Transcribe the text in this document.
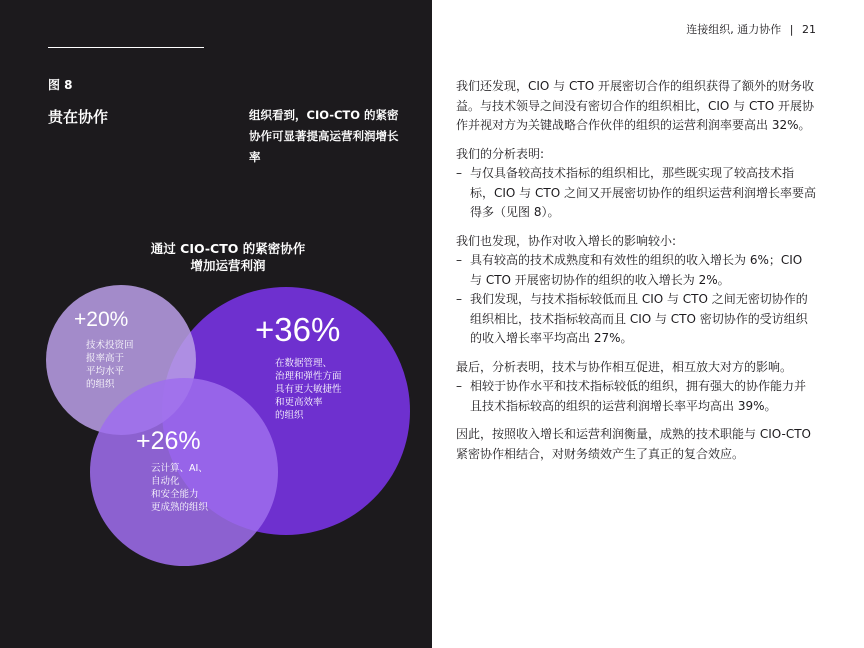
图 8
贵在协作	组织看到，CIO-CTO 的紧密协作可显著提高运营利润增长率
通过 CIO-CTO 的紧密协作
增加运营利润
+36%
在数据管理、
治理和弹性方面
具有更大敏捷性
和更高效率
的组织
+20%
技术投资回
报率高于
平均水平
的组织
+26%
云计算、AI、
自动化
和安全能力
更成熟的组织
连接组织, 通力协作 | 21

我们还发现，CIO 与 CTO 开展密切合作的组织获得了额外的财务收益。与技术领导之间没有密切合作的组织相比，CIO 与 CTO 开展协作并视对方为关键战略合作伙伴的组织的运营利润率要高出 32%。

我们的分析表明:

– 与仅具备较高技术指标的组织相比，那些既实现了较高技术指标，CIO 与 CTO 之间又开展密切协作的组织运营利润增长率要高得多（见图 8）。

我们也发现，协作对收入增长的影响较小:
– 具有较高的技术成熟度和有效性的组织的收入增长为 6%；CIO 与 CTO 开展密切协作的组织的收入增长为 2%。

– 我们发现，与技术指标较低而且 CIO 与 CTO 之间无密切协作的组织相比，技术指标较高而且 CIO 与 CTO 密切协作的受访组织的收入增长率平均高出 27%。

最后，分析表明，技术与协作相互促进，相互放大对方的影响。

– 相较于协作水平和技术指标较低的组织，拥有强大的协作能力并且技术指标较高的组织的运营利润增长率平均高出 39%。

因此，按照收入增长和运营利润衡量，成熟的技术职能与 CIO-CTO 紧密协作相结合，对财务绩效产生了真正的复合效应。
